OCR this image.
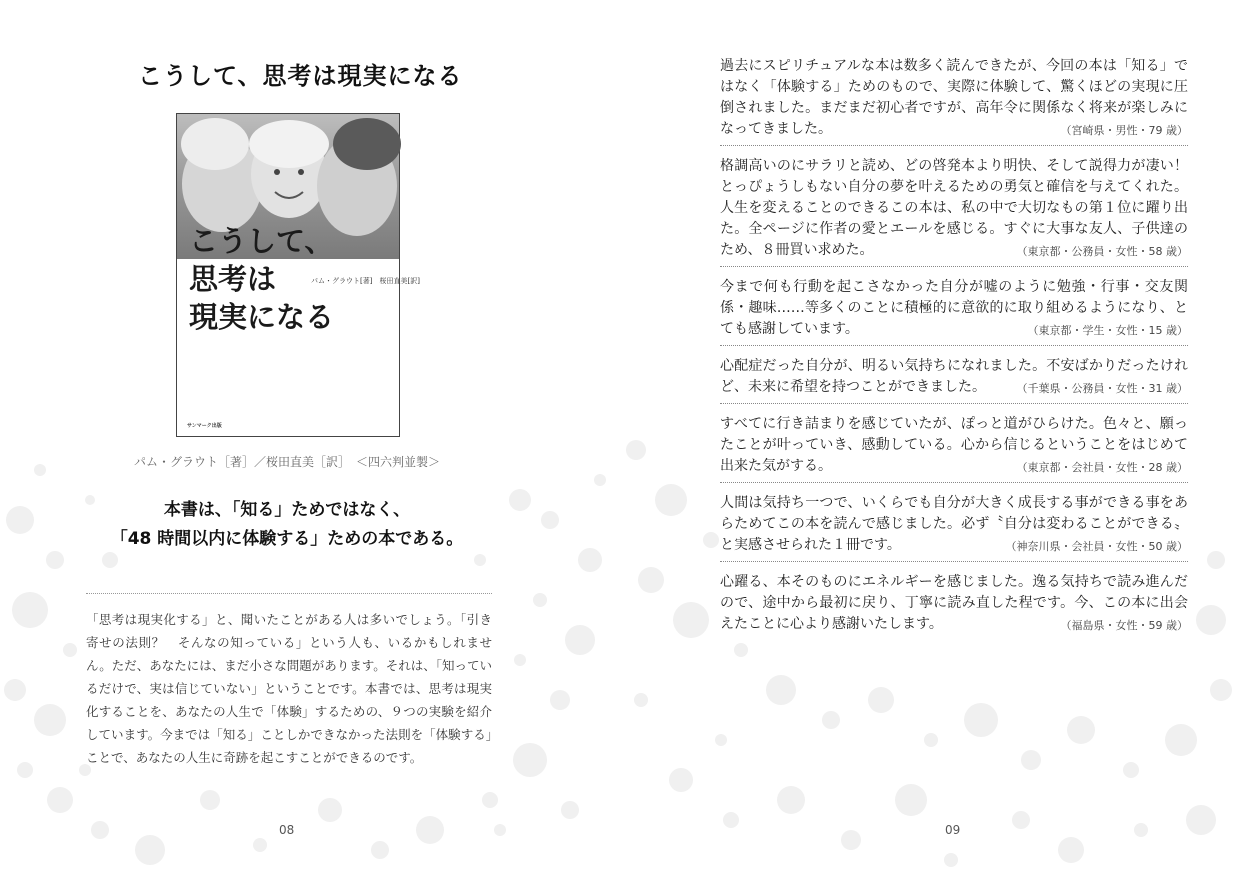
こうして、思考は現実になる
こうして、
思考は
現実になる
パム・グラウト[著]　桜田直美[訳]
サンマーク出版
パム・グラウト［著］／桜田直美［訳］　＜四六判並製＞
本書は、「知る」ためではなく、
「48 時間以内に体験する」ための本である。
「思考は現実化する」と、聞いたことがある人は多いでしょう。「引き寄せの法則？　そんなの知っている」という人も、いるかもしれません。ただ、あなたには、まだ小さな問題があります。それは、「知っているだけで、実は信じていない」ということです。本書では、思考は現実化することを、あなたの人生で「体験」するための、９つの実験を紹介しています。今までは「知る」ことしかできなかった法則を「体験する」ことで、あなたの人生に奇跡を起こすことができるのです。
08
過去にスピリチュアルな本は数多く読んできたが、今回の本は「知る」ではなく「体験する」ためのもので、実際に体験して、驚くほどの実現に圧倒されました。まだまだ初心者ですが、高年令に関係なく将来が楽しみになってきました。	（宮崎県・男性・79 歳）
格調高いのにサラリと読め、どの啓発本より明快、そして説得力が凄い！　とっぴょうしもない自分の夢を叶えるための勇気と確信を与えてくれた。人生を変えることのできるこの本は、私の中で大切なもの第１位に躍り出た。全ページに作者の愛とエールを感じる。すぐに大事な友人、子供達のため、８冊買い求めた。	（東京都・公務員・女性・58 歳）
今まで何も行動を起こさなかった自分が嘘のように勉強・行事・交友関係・趣味……等多くのことに積極的に意欲的に取り組めるようになり、とても感謝しています。	（東京都・学生・女性・15 歳）
心配症だった自分が、明るい気持ちになれました。不安ばかりだったけれど、未来に希望を持つことができました。	（千葉県・公務員・女性・31 歳）
すべてに行き詰まりを感じていたが、ぽっと道がひらけた。色々と、願ったことが叶っていき、感動している。心から信じるということをはじめて出来た気がする。	（東京都・会社員・女性・28 歳）
人間は気持ち一つで、いくらでも自分が大きく成長する事ができる事をあらためてこの本を読んで感じました。必ず〝自分は変わることができる〟と実感させられた１冊です。	（神奈川県・会社員・女性・50 歳）
心躍る、本そのものにエネルギーを感じました。逸る気持ちで読み進んだので、途中から最初に戻り、丁寧に読み直した程です。今、この本に出会えたことに心より感謝いたします。	（福島県・女性・59 歳）
09
